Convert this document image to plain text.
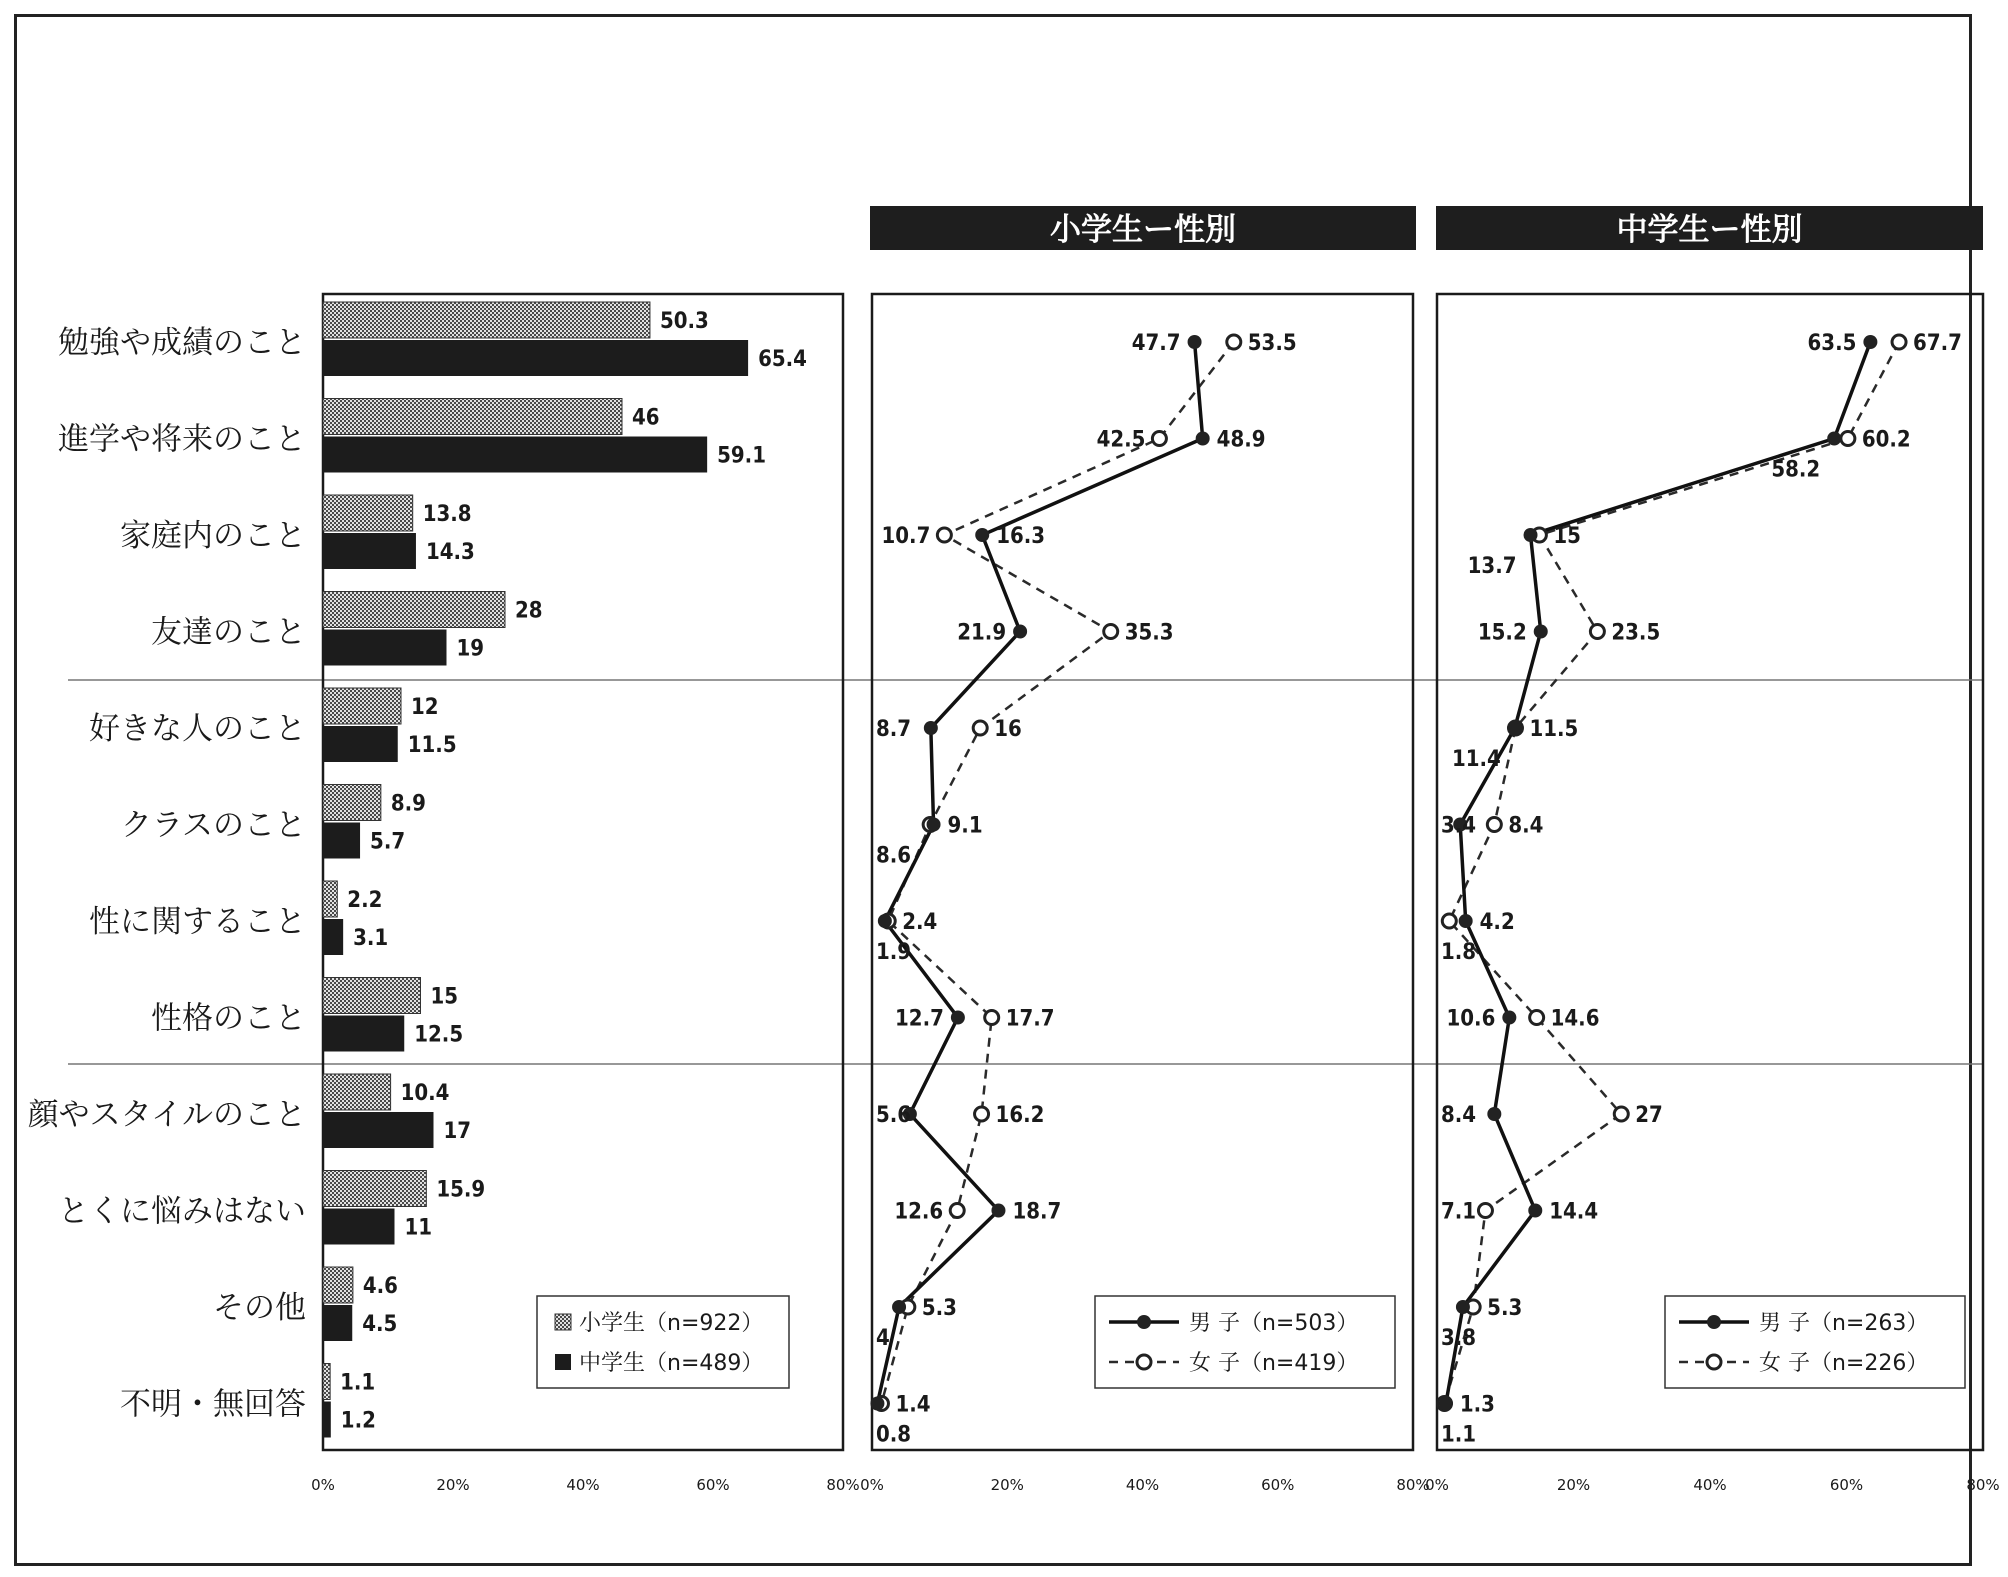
0%	20%	40%	60%	80% 0%	20%	40%	60%	80%
0%	20%	40%	60%	80%
勉強や成績のこと
進学や将来のこと
家庭内のこと
友達のこと
好きな人のこと
クラスのこと
性に関すること
性格のこと
顔やスタイルのこと
とくに悩みはない
その他
不明・無回答
50.3
65.4
46
59.1
13.8
14.3
28
19
12
11.5
8.9
5.7
2.2
3.1
15
12.5
10.4
17
15.9
11
4.6
4.5
1.1
1.2
小学生（n=922）
中学生（n=489）
小学生ー性別	中学生ー性別
47.7	53.5
48.9
42.5
16.3
10.7
21.9	35.3
8.7	16
9.1
8.6
1.9
2.4
12.7	17.7
5.6	16.2
18.7
12.6
4
5.3
0.8
1.4
男 子（n=503）
女 子（n=419）
63.5	67.7
58.2
60.2
13.7
15
15.2	23.5
11.4
11.5
3.4 8.4
4.2
1.8
10.6	14.6
8.4	27
14.4
7.1
3.8
5.3
1.3
1.1
男 子（n=263）
女 子（n=226）
